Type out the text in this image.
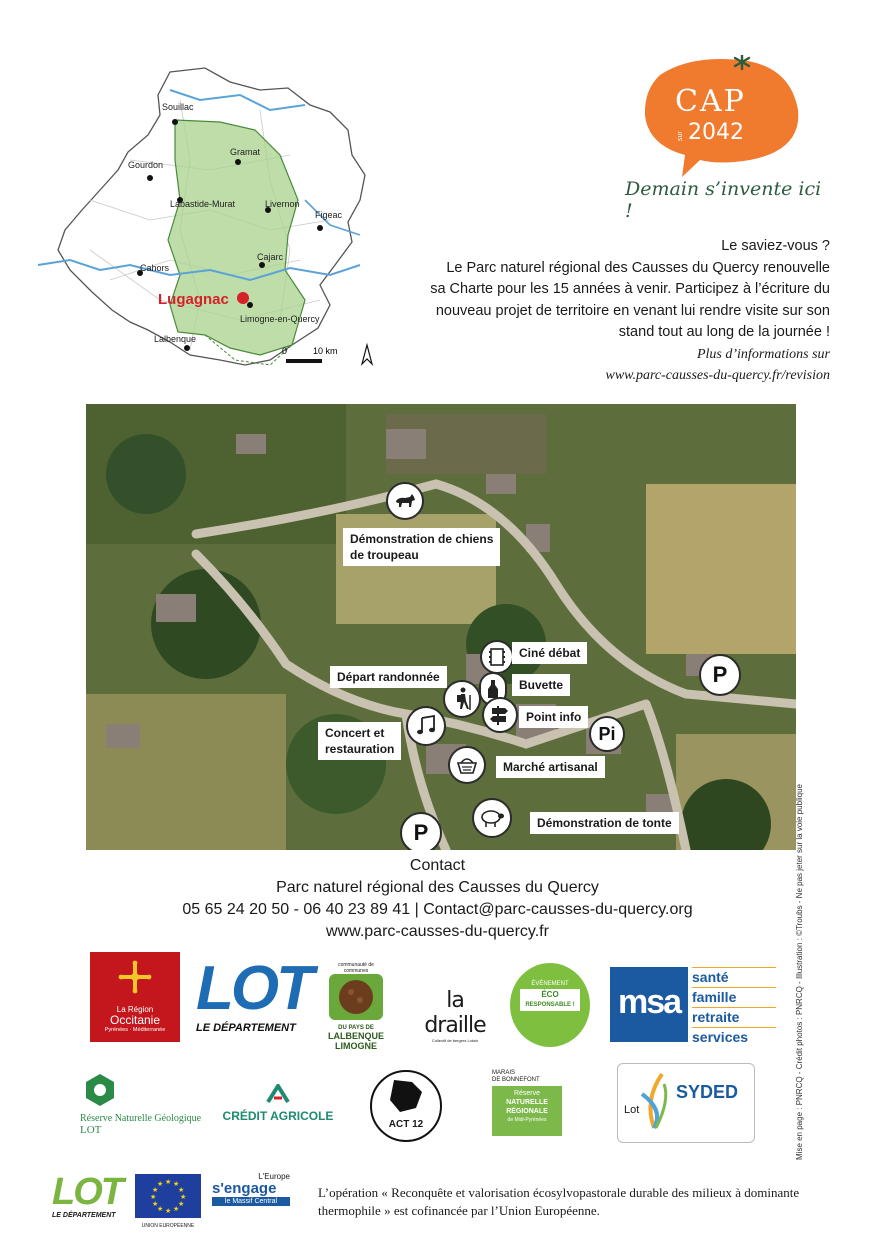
Souillac
Gramat
Gourdon
Labastide-Murat	Livernon
Figeac
Cajarc
Cahors
Lugagnac
Limogne-en-Quercy
Lalbenque
0	10 km
CAP
sur 2042
Demain s’invente ici !
Le saviez-vous ?
Le Parc naturel régional des Causses du Quercy renouvelle
sa Charte pour les 15 années à venir. Participez à l’écriture du
nouveau projet de territoire en venant lui rendre visite sur son
stand tout au long de la journée !
Plus d’informations sur
www.parc-causses-du-quercy.fr/revision
Démonstration de chiens
de troupeau
Ciné débat
Départ randonnée
Buvette
Point info
Pi
P
Concert et
restauration
Marché artisanal
Démonstration de tonte
P
Contact
Parc naturel régional des Causses du Quercy
05 65 24 20 50 - 06 40 23 89 41 | Contact@parc-causses-du-quercy.org
www.parc-causses-du-quercy.fr
La Région
Occitanie
Pyrénées · Méditerranée
LOT
LE DÉPARTEMENT
communauté de communes
DU PAYS DE
LALBENQUE
LIMOGNE
la draille
Collectif de bergers Lotois
ÉVÉNEMENT
ÉCO
RESPONSABLE ! msa
santé
famille
retraite
services
Réserve Naturelle Géologique
LOT
CRÉDIT AGRICOLE
ACT 12
MARAIS
DE BONNEFONT
Réserve
NATURELLE
RÉGIONALE
de Midi-Pyrénées
SYDED
Lot
LOT
LE DÉPARTEMENT
★ ★
★
★
★
★
★
★
★
★
★
★
UNION EUROPÉENNE
L'Europe
s'engage
le Massif Central
L’opération « Reconquête et valorisation écosylvopastorale durable des milieux à dominante thermophile » est cofinancée par l’Union Européenne.
Mise en page : PNRCQ - Crédit photos : PNRCQ - Illustration : ©Troubs - Ne pas jeter sur la voie publique
